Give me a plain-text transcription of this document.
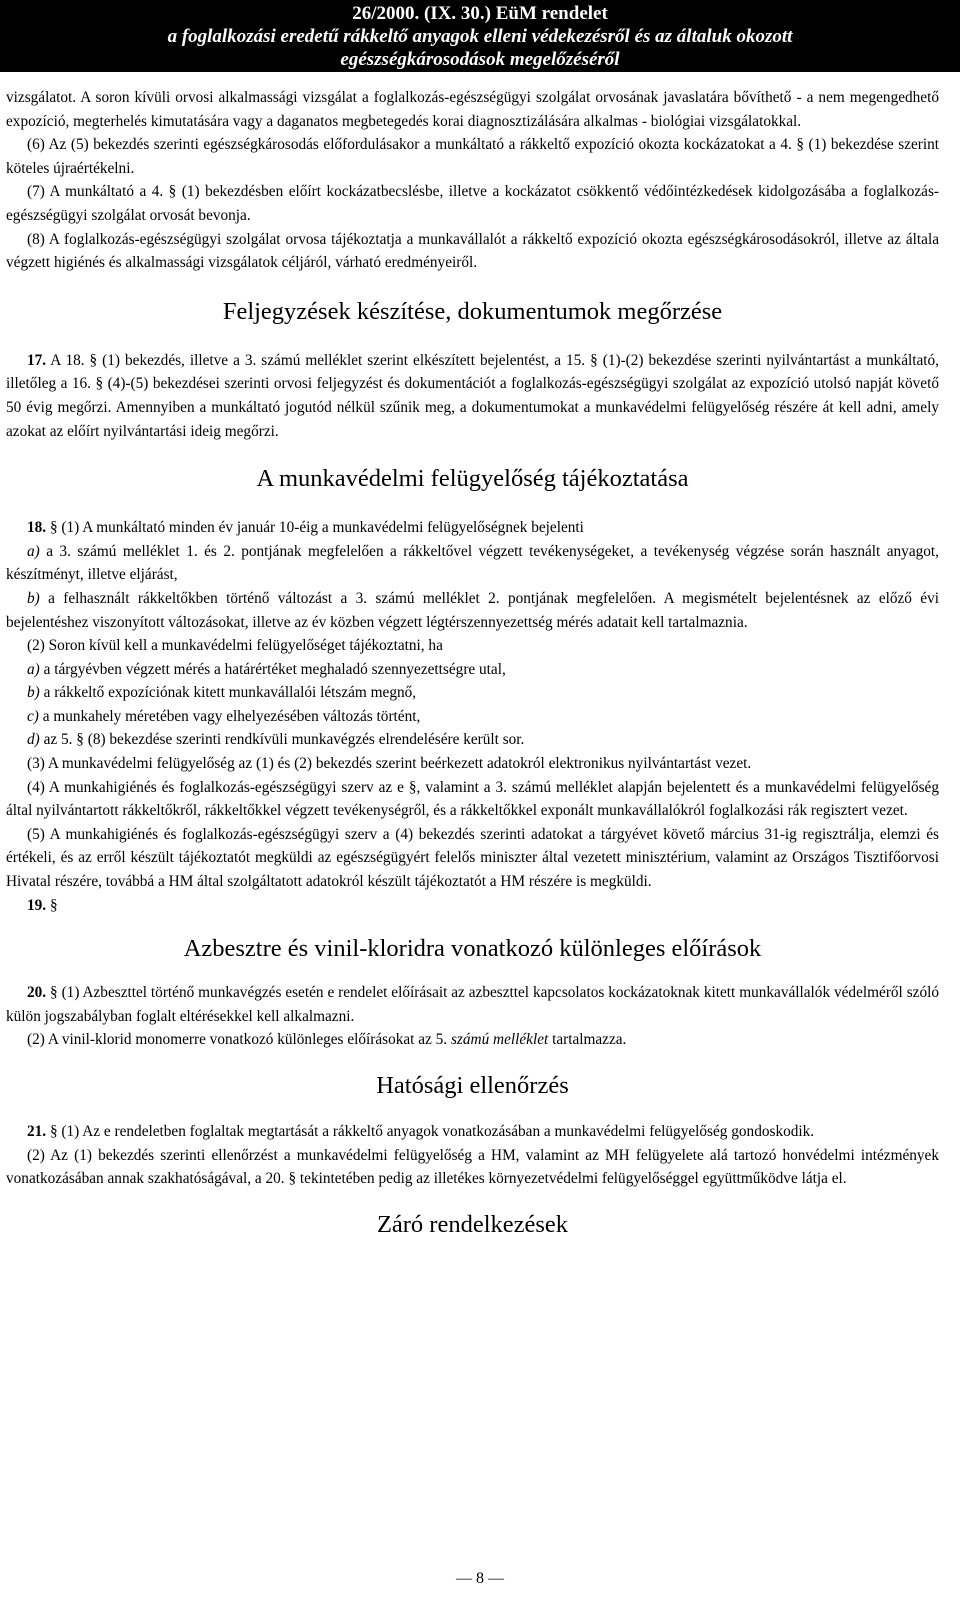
26/2000. (IX. 30.) EüM rendelet
a foglalkozási eredetű rákkeltő anyagok elleni védekezésről és az általuk okozott
egészségkárosodások megelőzéséről

vizsgálatot. A soron kívüli orvosi alkalmassági vizsgálat a foglalkozás-egészségügyi szolgálat orvosának javaslatára bővíthető - a nem megengedhető expozíció, megterhelés kimutatására vagy a daganatos megbetegedés korai diagnosztizálására alkalmas - biológiai vizsgálatokkal.

(6) Az (5) bekezdés szerinti egészségkárosodás előfordulásakor a munkáltató a rákkeltő expozíció okozta kockázatokat a 4. § (1) bekezdése szerint köteles újraértékelni.

(7) A munkáltató a 4. § (1) bekezdésben előírt kockázatbecslésbe, illetve a kockázatot csökkentő védőintézkedések kidolgozásába a foglalkozás-egészségügyi szolgálat orvosát bevonja.

(8) A foglalkozás-egészségügyi szolgálat orvosa tájékoztatja a munkavállalót a rákkeltő expozíció okozta egészségkárosodásokról, illetve az általa végzett higiénés és alkalmassági vizsgálatok céljáról, várható eredményeiről.

Feljegyzések készítése, dokumentumok megőrzése

17. A 18. § (1) bekezdés, illetve a 3. számú melléklet szerint elkészített bejelentést, a 15. § (1)-(2) bekezdése szerinti nyilvántartást a munkáltató, illetőleg a 16. § (4)-(5) bekezdései szerinti orvosi feljegyzést és dokumentációt a foglalkozás-egészségügyi szolgálat az expozíció utolsó napját követő 50 évig megőrzi. Amennyiben a munkáltató jogutód nélkül szűnik meg, a dokumentumokat a munkavédelmi felügyelőség részére át kell adni, amely azokat az előírt nyilvántartási ideig megőrzi.

A munkavédelmi felügyelőség tájékoztatása

18. § (1) A munkáltató minden év január 10-éig a munkavédelmi felügyelőségnek bejelenti

a) a 3. számú melléklet 1. és 2. pontjának megfelelően a rákkeltővel végzett tevékenységeket, a tevékenység végzése során használt anyagot, készítményt, illetve eljárást,

b) a felhasznált rákkeltőkben történő változást a 3. számú melléklet 2. pontjának megfelelően. A megismételt bejelentésnek az előző évi bejelentéshez viszonyított változásokat, illetve az év közben végzett légtérszennyezettség mérés adatait kell tartalmaznia.

(2) Soron kívül kell a munkavédelmi felügyelőséget tájékoztatni, ha

a) a tárgyévben végzett mérés a határértéket meghaladó szennyezettségre utal,

b) a rákkeltő expozíciónak kitett munkavállalói létszám megnő,

c) a munkahely méretében vagy elhelyezésében változás történt,

d) az 5. § (8) bekezdése szerinti rendkívüli munkavégzés elrendelésére került sor.

(3) A munkavédelmi felügyelőség az (1) és (2) bekezdés szerint beérkezett adatokról elektronikus nyilvántartást vezet.

(4) A munkahigiénés és foglalkozás-egészségügyi szerv az e §, valamint a 3. számú melléklet alapján bejelentett és a munkavédelmi felügyelőség által nyilvántartott rákkeltőkről, rákkeltőkkel végzett tevékenységről, és a rákkeltőkkel exponált munkavállalókról foglalkozási rák regisztert vezet.

(5) A munkahigiénés és foglalkozás-egészségügyi szerv a (4) bekezdés szerinti adatokat a tárgyévet követő március 31-ig regisztrálja, elemzi és értékeli, és az erről készült tájékoztatót megküldi az egészségügyért felelős miniszter által vezetett minisztérium, valamint az Országos Tisztifőorvosi Hivatal részére, továbbá a HM által szolgáltatott adatokról készült tájékoztatót a HM részére is megküldi.

19. §

Azbesztre és vinil-kloridra vonatkozó különleges előírások

20. § (1) Azbeszttel történő munkavégzés esetén e rendelet előírásait az azbeszttel kapcsolatos kockázatoknak kitett munkavállalók védelméről szóló külön jogszabályban foglalt eltérésekkel kell alkalmazni.

(2) A vinil-klorid monomerre vonatkozó különleges előírásokat az 5. számú melléklet tartalmazza.

Hatósági ellenőrzés

21. § (1) Az e rendeletben foglaltak megtartását a rákkeltő anyagok vonatkozásában a munkavédelmi felügyelőség gondoskodik.

(2) Az (1) bekezdés szerinti ellenőrzést a munkavédelmi felügyelőség a HM, valamint az MH felügyelete alá tartozó honvédelmi intézmények vonatkozásában annak szakhatóságával, a 20. § tekintetében pedig az illetékes környezetvédelmi felügyelőséggel együttműködve látja el.

Záró rendelkezések
— 8 —
